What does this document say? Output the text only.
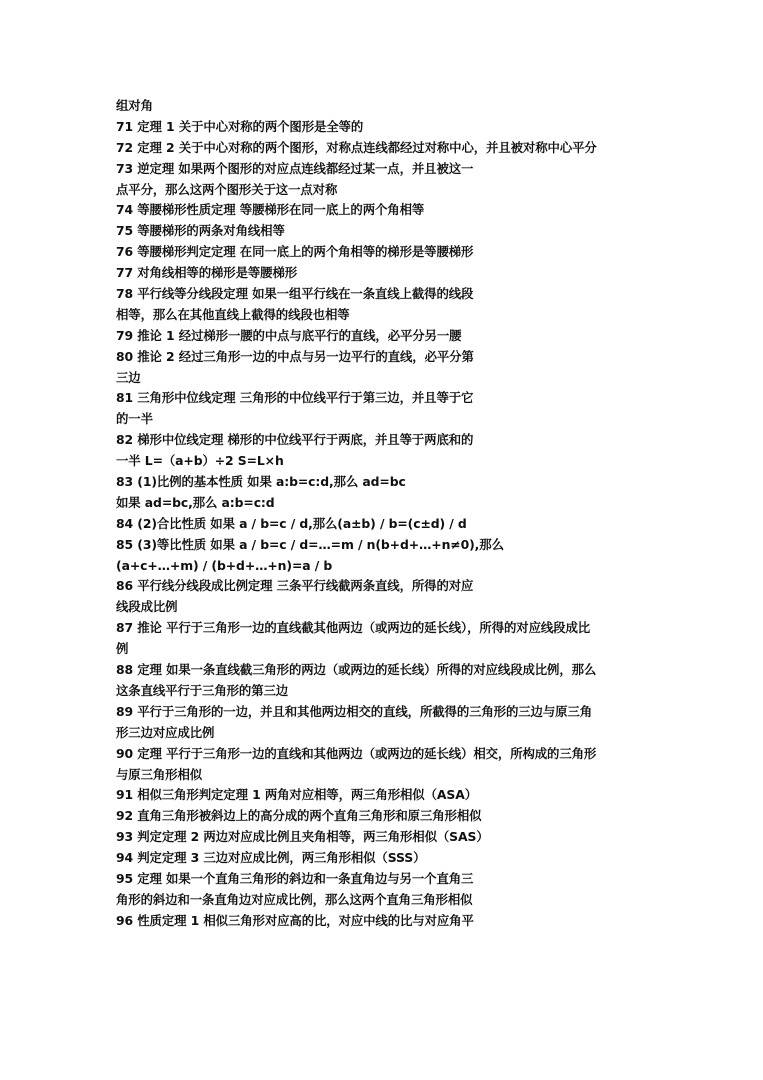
组对角
71 定理 1 关于中心对称的两个图形是全等的
72 定理 2 关于中心对称的两个图形，对称点连线都经过对称中心，并且被对称中心平分
73 逆定理 如果两个图形的对应点连线都经过某一点，并且被这一
点平分，那么这两个图形关于这一点对称
74 等腰梯形性质定理 等腰梯形在同一底上的两个角相等
75 等腰梯形的两条对角线相等
76 等腰梯形判定定理 在同一底上的两个角相等的梯形是等腰梯形
77 对角线相等的梯形是等腰梯形
78 平行线等分线段定理 如果一组平行线在一条直线上截得的线段
相等，那么在其他直线上截得的线段也相等
79 推论 1 经过梯形一腰的中点与底平行的直线，必平分另一腰
80 推论 2 经过三角形一边的中点与另一边平行的直线，必平分第
三边
81 三角形中位线定理 三角形的中位线平行于第三边，并且等于它
的一半
82 梯形中位线定理 梯形的中位线平行于两底，并且等于两底和的
一半 L=（a+b）÷2 S=L×h
83 (1)比例的基本性质 如果 a:b=c:d,那么 ad=bc
如果 ad=bc,那么 a:b=c:d
84 (2)合比性质 如果 a / b=c / d,那么(a±b) / b=(c±d) / d
85 (3)等比性质 如果 a / b=c / d=…=m / n(b+d+…+n≠0),那么
(a+c+…+m) / (b+d+…+n)=a / b
86 平行线分线段成比例定理 三条平行线截两条直线，所得的对应
线段成比例
87 推论 平行于三角形一边的直线截其他两边（或两边的延长线），所得的对应线段成比
例
88 定理 如果一条直线截三角形的两边（或两边的延长线）所得的对应线段成比例，那么
这条直线平行于三角形的第三边
89 平行于三角形的一边，并且和其他两边相交的直线，所截得的三角形的三边与原三角
形三边对应成比例
90 定理 平行于三角形一边的直线和其他两边（或两边的延长线）相交，所构成的三角形
与原三角形相似
91 相似三角形判定定理 1 两角对应相等，两三角形相似（ASA）
92 直角三角形被斜边上的高分成的两个直角三角形和原三角形相似
93 判定定理 2 两边对应成比例且夹角相等，两三角形相似（SAS）
94 判定定理 3 三边对应成比例，两三角形相似（SSS）
95 定理 如果一个直角三角形的斜边和一条直角边与另一个直角三
角形的斜边和一条直角边对应成比例，那么这两个直角三角形相似
96 性质定理 1 相似三角形对应高的比，对应中线的比与对应角平
